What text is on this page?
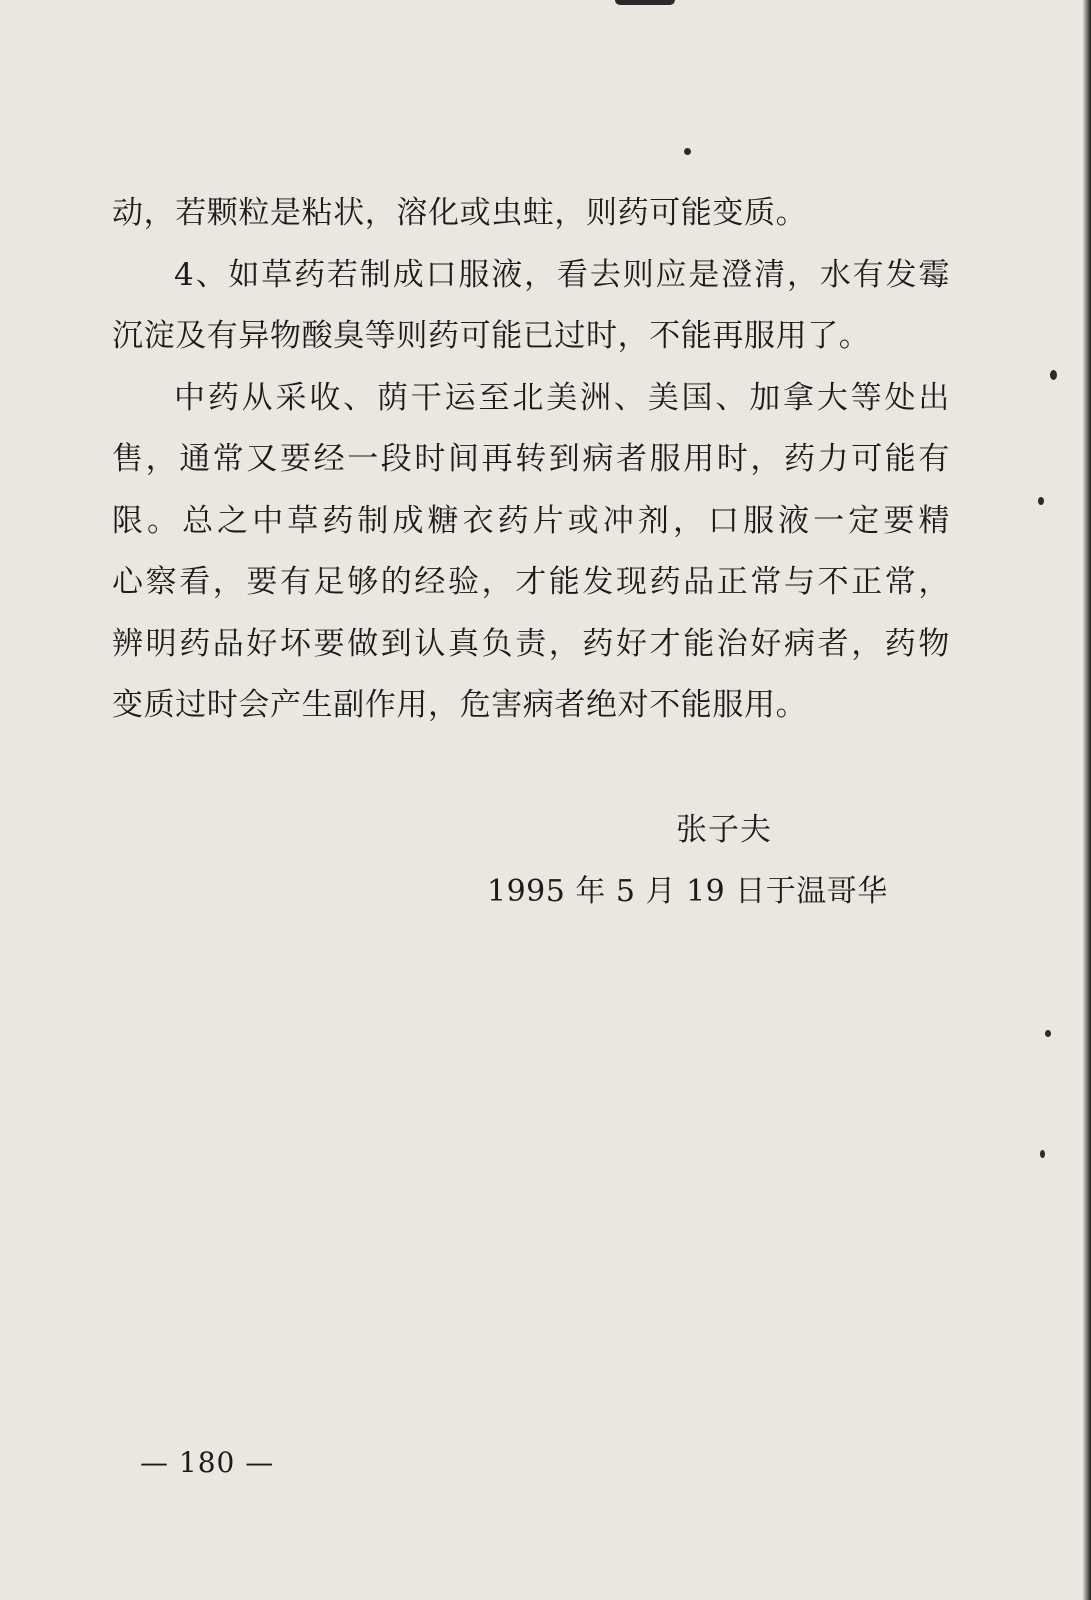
动，若颗粒是粘状，溶化或虫蛀，则药可能变质。
4、如草药若制成口服液，看去则应是澄清，水有发霉
沉淀及有异物酸臭等则药可能已过时，不能再服用了。
中药从采收、荫干运至北美洲、美国、加拿大等处出
售，通常又要经一段时间再转到病者服用时，药力可能有
限。总之中草药制成糖衣药片或冲剂，口服液一定要精
心察看，要有足够的经验，才能发现药品正常与不正常，
辨明药品好坏要做到认真负责，药好才能治好病者，药物
变质过时会产生副作用，危害病者绝对不能服用。
张子夫
1995 年 5 月 19 日于温哥华
— 180 —
